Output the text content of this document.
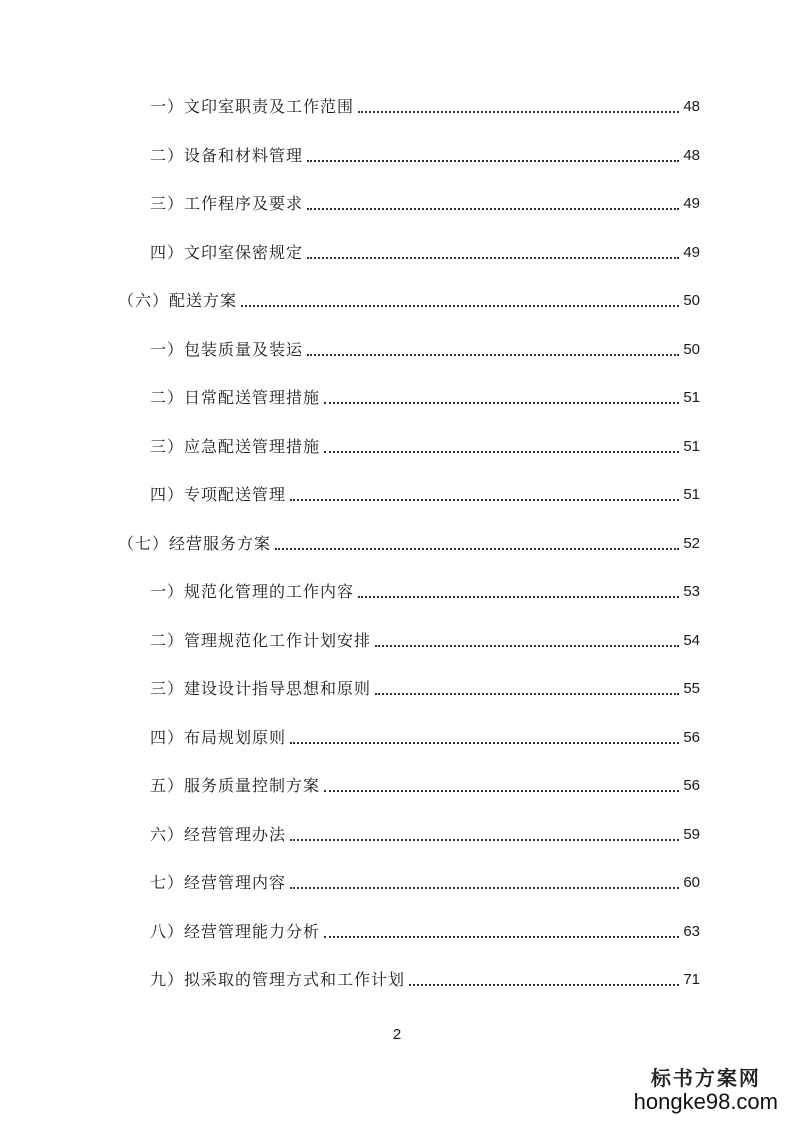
一）文印室职责及工作范围	48
二）设备和材料管理	48
三）工作程序及要求	49
四）文印室保密规定	49
（六）配送方案	50
一）包装质量及装运	50
二）日常配送管理措施	51
三）应急配送管理措施	51
四）专项配送管理	51
（七）经营服务方案	52
一）规范化管理的工作内容	53
二）管理规范化工作计划安排	54
三）建设设计指导思想和原则	55
四）布局规划原则	56
五）服务质量控制方案	56
六）经营管理办法	59
七）经营管理内容	60
八）经营管理能力分析	63
九）拟采取的管理方式和工作计划	71
2
标书方案网
hongke98.com
